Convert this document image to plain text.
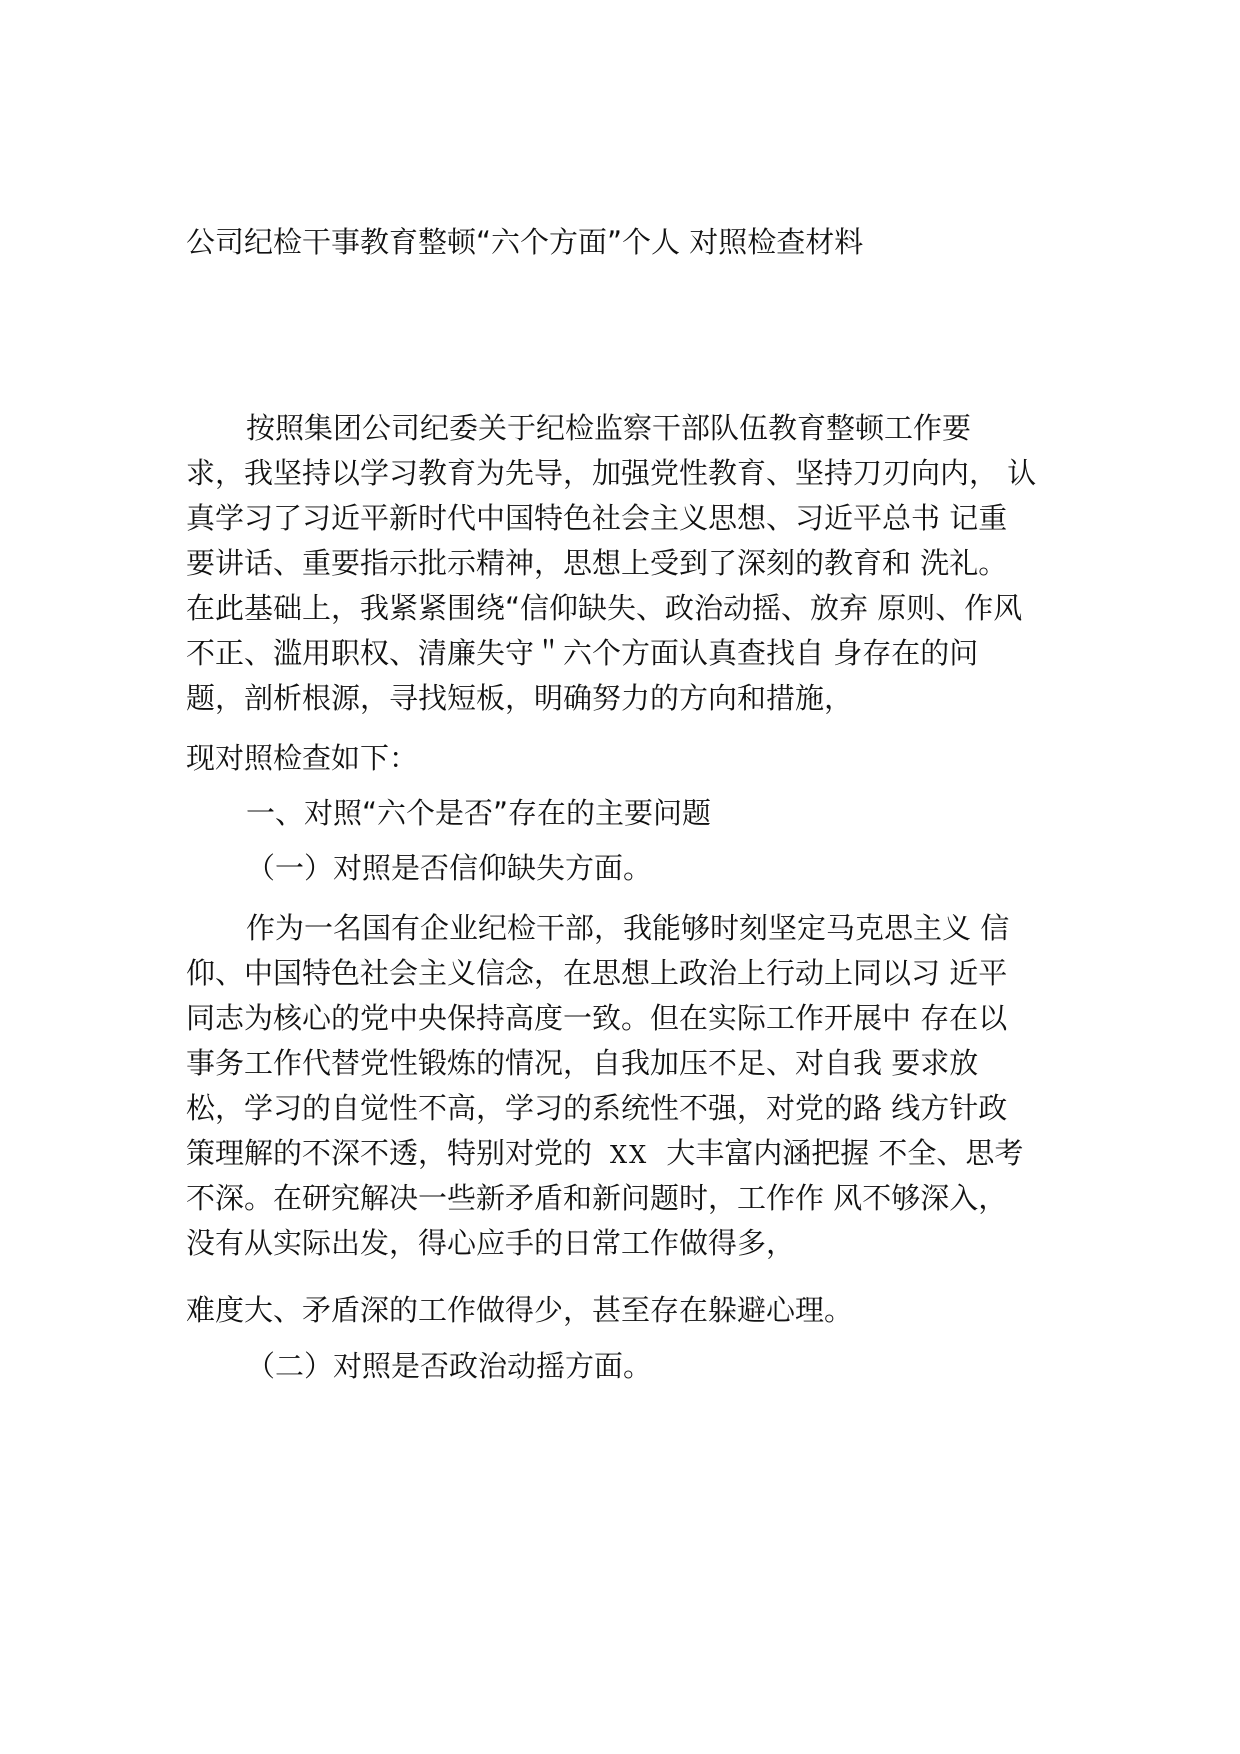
公司纪检干事教育整顿“六个方面”个人 对照检查材料
按照集团公司纪委关于纪检监察干部队伍教育整顿工作要
求，我坚持以学习教育为先导，加强党性教育、坚持刀刃向内， 认
真学习了习近平新时代中国特色社会主义思想、习近平总书 记重
要讲话、重要指示批示精神，思想上受到了深刻的教育和 洗礼。
在此基础上，我紧紧围绕“信仰缺失、政治动摇、放弃 原则、作风
不正、滥用职权、清廉失守＂六个方面认真查找自 身存在的问
题，剖析根源，寻找短板，明确努力的方向和措施，
现对照检查如下：
一、对照“六个是否”存在的主要问题
（一）对照是否信仰缺失方面。
作为一名国有企业纪检干部，我能够时刻坚定马克思主义 信
仰、中国特色社会主义信念，在思想上政治上行动上同以习 近平
同志为核心的党中央保持高度一致。但在实际工作开展中 存在以
事务工作代替党性锻炼的情况，自我加压不足、对自我 要求放
松，学习的自觉性不高，学习的系统性不强，对党的路 线方针政
策理解的不深不透，特别对党的 XX 大丰富内涵把握 不全、思考
不深。在研究解决一些新矛盾和新问题时，工作作 风不够深入，
没有从实际出发，得心应手的日常工作做得多，
难度大、矛盾深的工作做得少，甚至存在躲避心理。
（二）对照是否政治动摇方面。
